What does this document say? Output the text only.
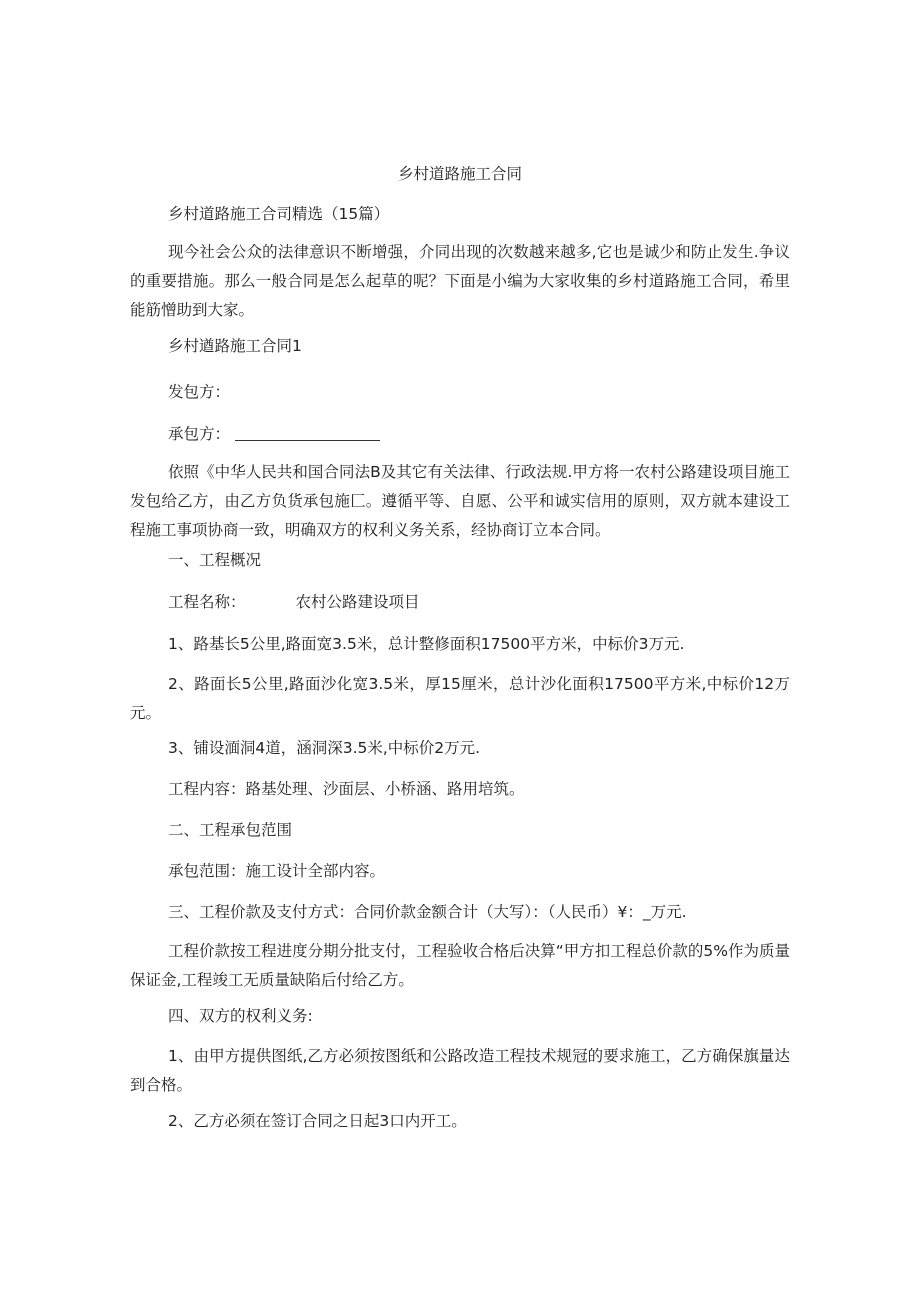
乡村道路施工合同
乡村道路施工合司精选（15篇）
现今社会公众的法律意识不断增强，介同出现的次数越来越多,它也是诚少和防止发生.争议的重要措施。那么一般合同是怎么起草的呢？下面是小编为大家收集的乡村道路施工合同，希里能筋憎助到大家。
乡村遒路施工合同1
发包方：
承包方：
依照《中华人民共和国合同法B及其它有关法律、行政法规.甲方将一农村公路建设项目施工发包给乙方，由乙方负货承包施匚。遵循平等、自愿、公平和诚实信用的原则，双方就本建设工程施工事项协商一致，明确双方的权利义务关系，经协商订立本合同。
一、工程概况
工程名称：	农村公路建设项目
1、路基长5公里,路面宽3.5米，总计整修面积17500平方米，中标价3万元.
2、路面长5公里,路面沙化宽3.5米，厚15厘米，总计沙化面积17500平方米,中标价12万元。
3、铺设湎洞4道，涵洞深3.5米,中标价2万元.
工程内容：路基处理、沙面层、小桥涵、路用培筑。
二、工程承包范围
承包范围：施工设计全部内容。
三、工程价款及支付方式：合同价款金额合计（大写）：（人民币）¥：_万元.
工程价款按工程进度分期分批支付，工程验收合格后决算“甲方扣工程总价款的5%作为质量保证金,工程竣工无质量缺陷后付给乙方。
四、双方的权利义务:
1、由甲方提供图纸,乙方必须按图纸和公路改造工程技术规冠的要求施工，乙方确保旗量达到合格。
2、乙方必须在签订合同之日起3口内开工。
